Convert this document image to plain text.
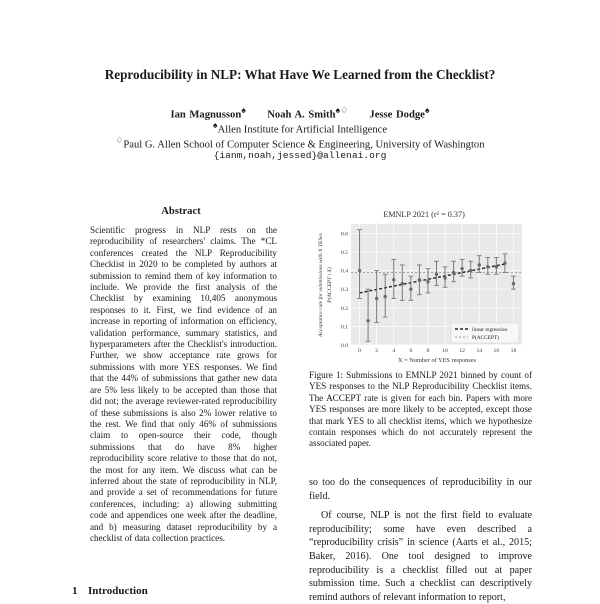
Reproducibility in NLP: What Have We Learned from the Checklist?
Ian Magnusson♠ Noah A. Smith♠♢ Jesse Dodge♠
♠Allen Institute for Artificial Intelligence
♢Paul G. Allen School of Computer Science & Engineering, University of Washington
{ianm,noah,jessed}@allenai.org
Abstract
Scientific progress in NLP rests on the reproducibility of researchers' claims. The *CL conferences created the NLP Reproducibility Checklist in 2020 to be completed by authors at submission to remind them of key information to include. We provide the first analysis of the Checklist by examining 10,405 anonymous responses to it. First, we find evidence of an increase in reporting of information on efficiency, validation performance, summary statistics, and hyperparameters after the Checklist's introduction. Further, we show acceptance rate grows for submissions with more YES responses. We find that the 44% of submissions that gather new data are 5% less likely to be accepted than those that did not; the average reviewer-rated reproducibility of these submissions is also 2% lower relative to the rest. We find that only 46% of submissions claim to open-source their code, though submissions that do have 8% higher reproducibility score relative to those that do not, the most for any item. We discuss what can be inferred about the state of reproducibility in NLP, and provide a set of recommendations for future conferences, including: a) allowing submitting code and appendices one week after the deadline, and b) measuring dataset reproducibility by a checklist of data collection practices.
1 Introduction
EMNLP 2021 (r² = 0.37)
0	2	4	6	8 10 12 14 16 18
0.0
0.1
0.2
0.3
0.4
0.5
0.6
X = Number of YES responses
Acceptance rate for submissions with X YESes P(ACCEPT | X)
linear regression
P(ACCEPT)
Figure 1: Submissions to EMNLP 2021 binned by count of YES responses to the NLP Reproducibility Checklist items. The ACCEPT rate is given for each bin. Papers with more YES responses are more likely to be accepted, except those that mark YES to all checklist items, which we hypothesize contain responses which do not accurately represent the associated paper.

so too do the consequences of reproducibility in our field.

Of course, NLP is not the first field to evaluate reproducibility; some have even described a “reproducibility crisis” in science (Aarts et al., 2015; Baker, 2016). One tool designed to improve reproducibility is a checklist filled out at paper submission time. Such a checklist can descriptively remind authors of relevant information to report,
